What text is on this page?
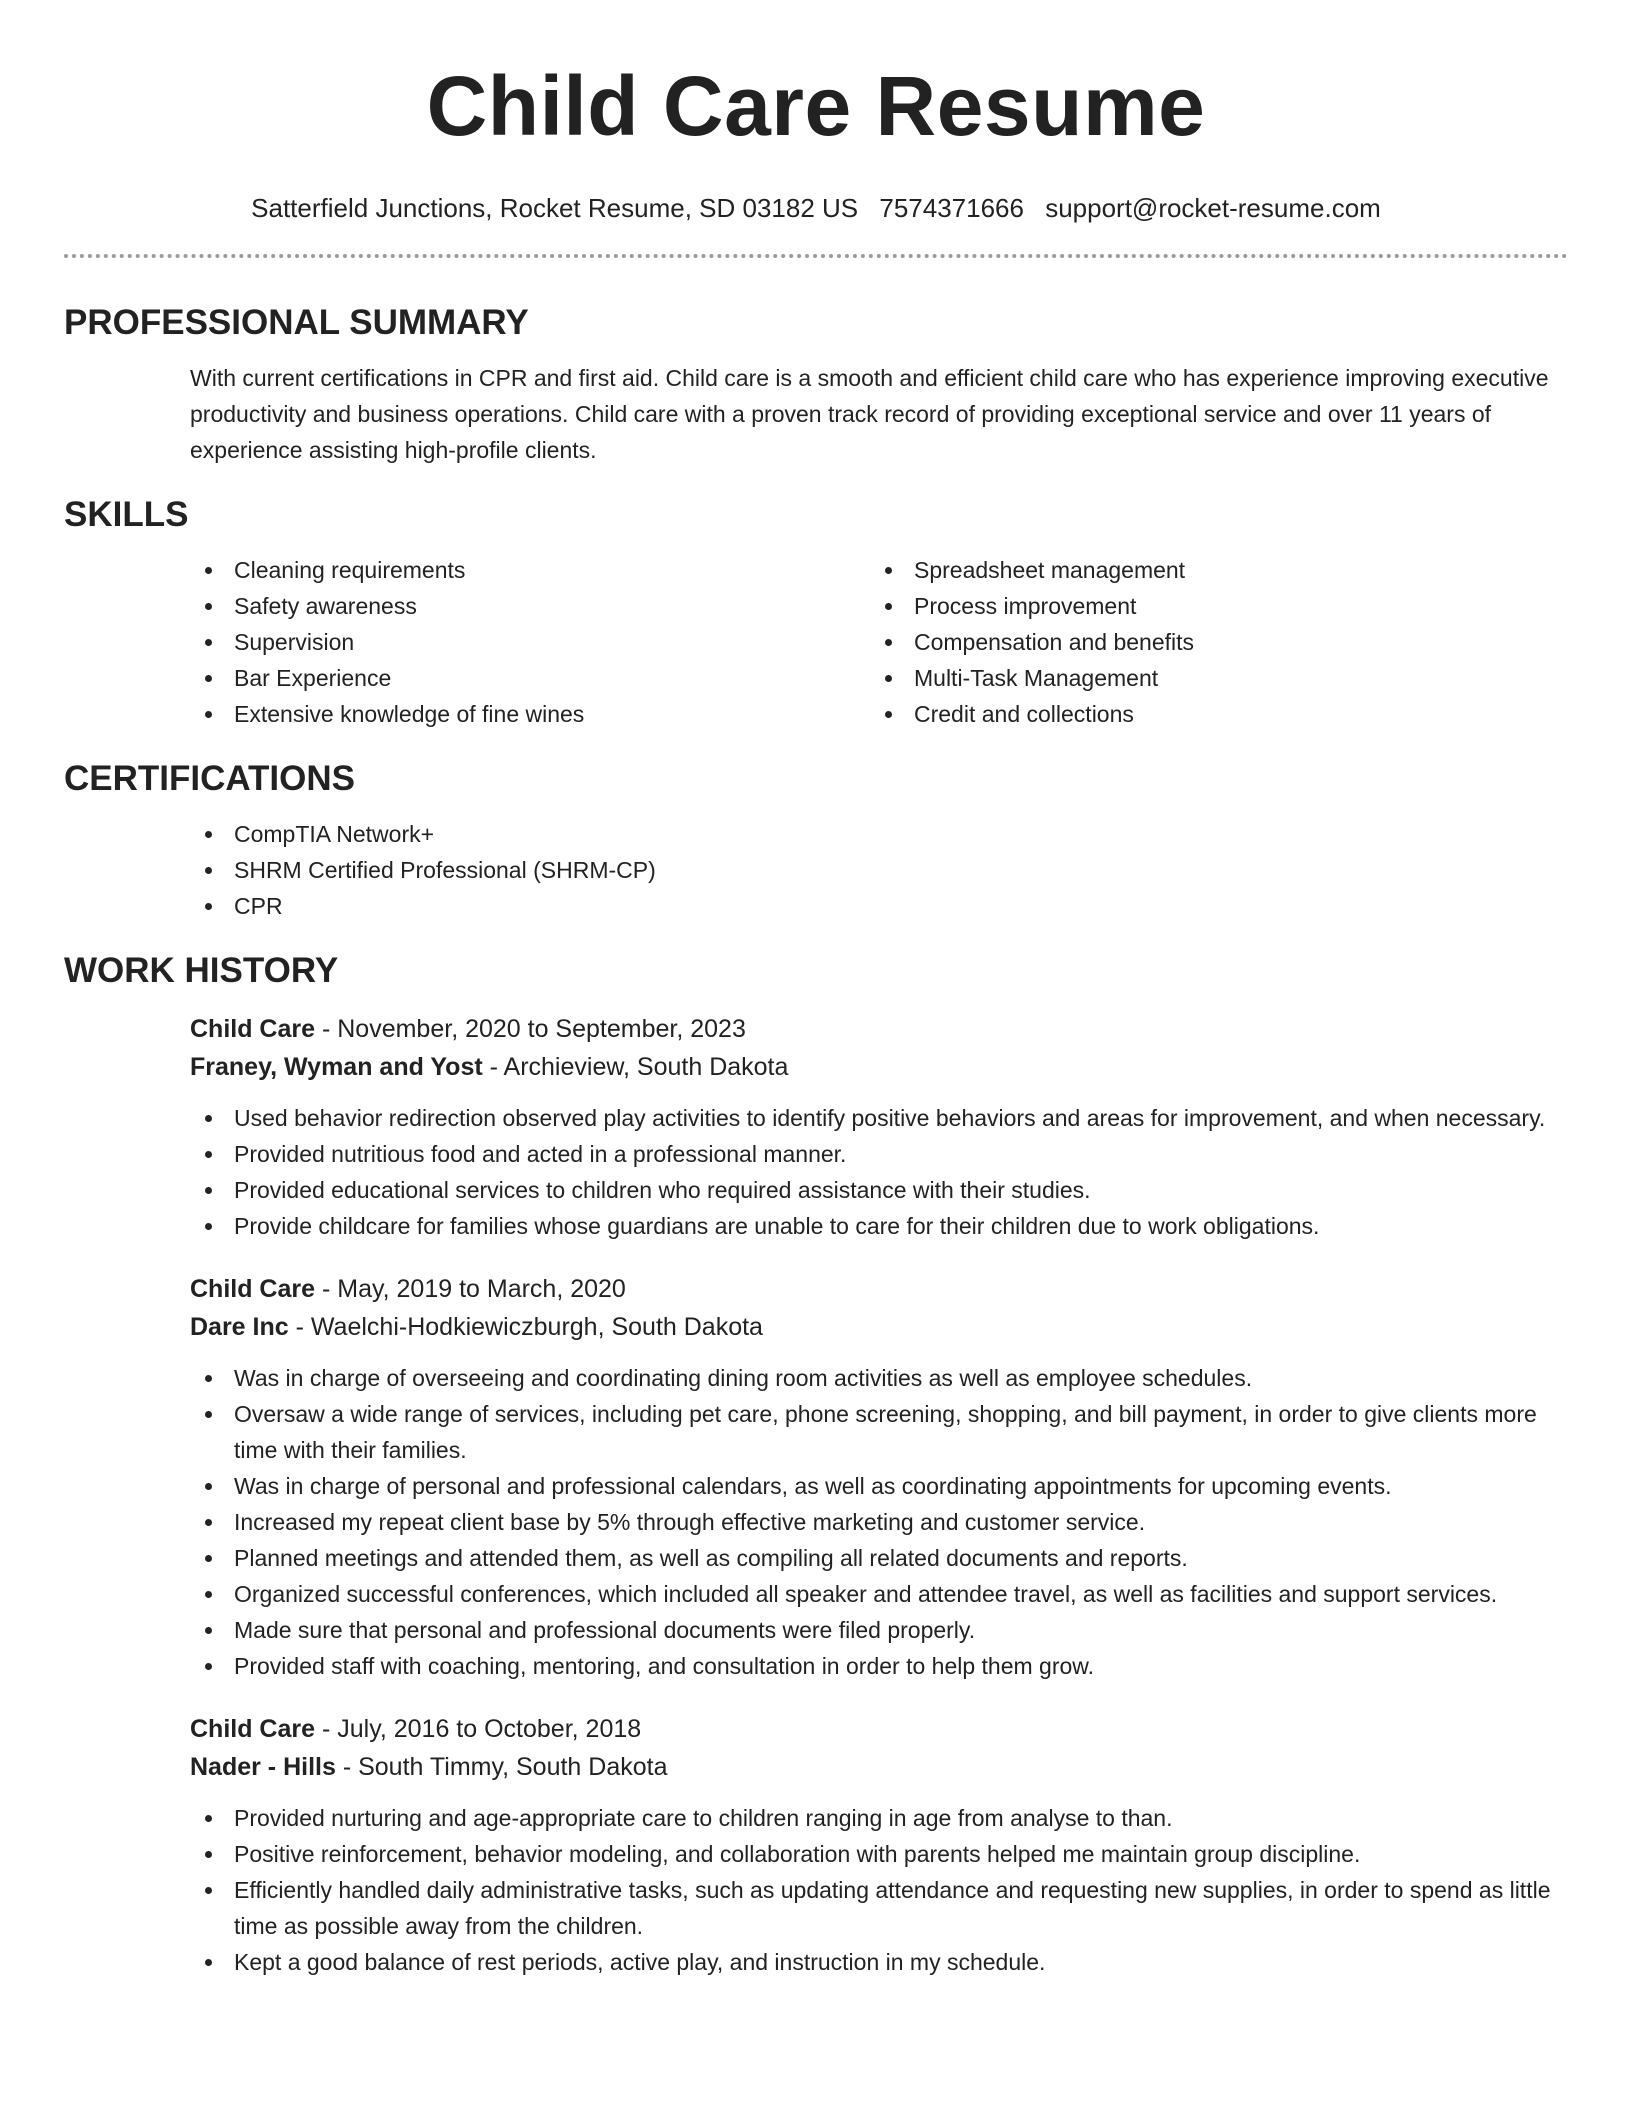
Child Care Resume
Satterfield Junctions, Rocket Resume, SD 03182 US 7574371666 support@rocket-resume.com
PROFESSIONAL SUMMARY
With current certifications in CPR and first aid. Child care is a smooth and efficient child care who has experience improving executive productivity and business operations. Child care with a proven track record of providing exceptional service and over 11 years of experience assisting high-profile clients.
SKILLS
Cleaning requirements
Safety awareness
Supervision
Bar Experience
Extensive knowledge of fine wines
Spreadsheet management
Process improvement
Compensation and benefits
Multi-Task Management
Credit and collections
CERTIFICATIONS
CompTIA Network+
SHRM Certified Professional (SHRM-CP)
CPR
WORK HISTORY
Child Care - November, 2020 to September, 2023
Franey, Wyman and Yost - Archieview, South Dakota
Used behavior redirection observed play activities to identify positive behaviors and areas for improvement, and when necessary.
Provided nutritious food and acted in a professional manner.
Provided educational services to children who required assistance with their studies.
Provide childcare for families whose guardians are unable to care for their children due to work obligations.
Child Care - May, 2019 to March, 2020
Dare Inc - Waelchi-Hodkiewiczburgh, South Dakota
Was in charge of overseeing and coordinating dining room activities as well as employee schedules.
Oversaw a wide range of services, including pet care, phone screening, shopping, and bill payment, in order to give clients more time with their families.
Was in charge of personal and professional calendars, as well as coordinating appointments for upcoming events.
Increased my repeat client base by 5% through effective marketing and customer service.
Planned meetings and attended them, as well as compiling all related documents and reports.
Organized successful conferences, which included all speaker and attendee travel, as well as facilities and support services.
Made sure that personal and professional documents were filed properly.
Provided staff with coaching, mentoring, and consultation in order to help them grow.
Child Care - July, 2016 to October, 2018
Nader - Hills - South Timmy, South Dakota
Provided nurturing and age-appropriate care to children ranging in age from analyse to than.
Positive reinforcement, behavior modeling, and collaboration with parents helped me maintain group discipline.
Efficiently handled daily administrative tasks, such as updating attendance and requesting new supplies, in order to spend as little time as possible away from the children.
Kept a good balance of rest periods, active play, and instruction in my schedule.
